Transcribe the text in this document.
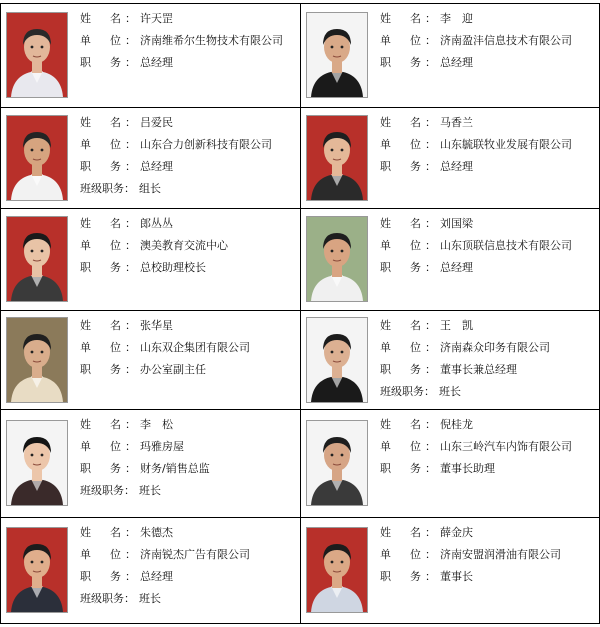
姓 名 ： 许天罡
单 位 ： 济南维希尔生物技术有限公司
职 务 ： 总经理
姓 名 ： 李　迎
单 位 ： 济南盈沣信息技术有限公司
职 务 ： 总经理
姓 名 ： 吕爱民
单 位 ： 山东合力创新科技有限公司
职 务 ： 总经理
班级职务： 组长
姓 名 ： 马香兰
单 位 ： 山东毓联牧业发展有限公司
职 务 ： 总经理
姓 名 ： 郎丛丛
单 位 ： 澳美教育交流中心
职 务 ： 总校助理校长
姓 名 ： 刘国梁
单 位 ： 山东顶联信息技术有限公司
职 务 ： 总经理
姓 名 ： 张华星
单 位 ： 山东双企集团有限公司
职 务 ： 办公室副主任
姓 名 ： 王　凯
单 位 ： 济南森众印务有限公司
职 务 ： 董事长兼总经理
班级职务： 班长
姓 名 ： 李　松
单 位 ： 玛雅房屋
职 务 ： 财务/销售总监
班级职务： 班长
姓 名 ： 倪桂龙
单 位 ： 山东三岭汽车内饰有限公司
职 务 ： 董事长助理
姓 名 ： 朱德杰
单 位 ： 济南锐杰广告有限公司
职 务 ： 总经理
班级职务： 班长
姓 名 ： 薛金庆
单 位 ： 济南安盟润滑油有限公司
职 务 ： 董事长
